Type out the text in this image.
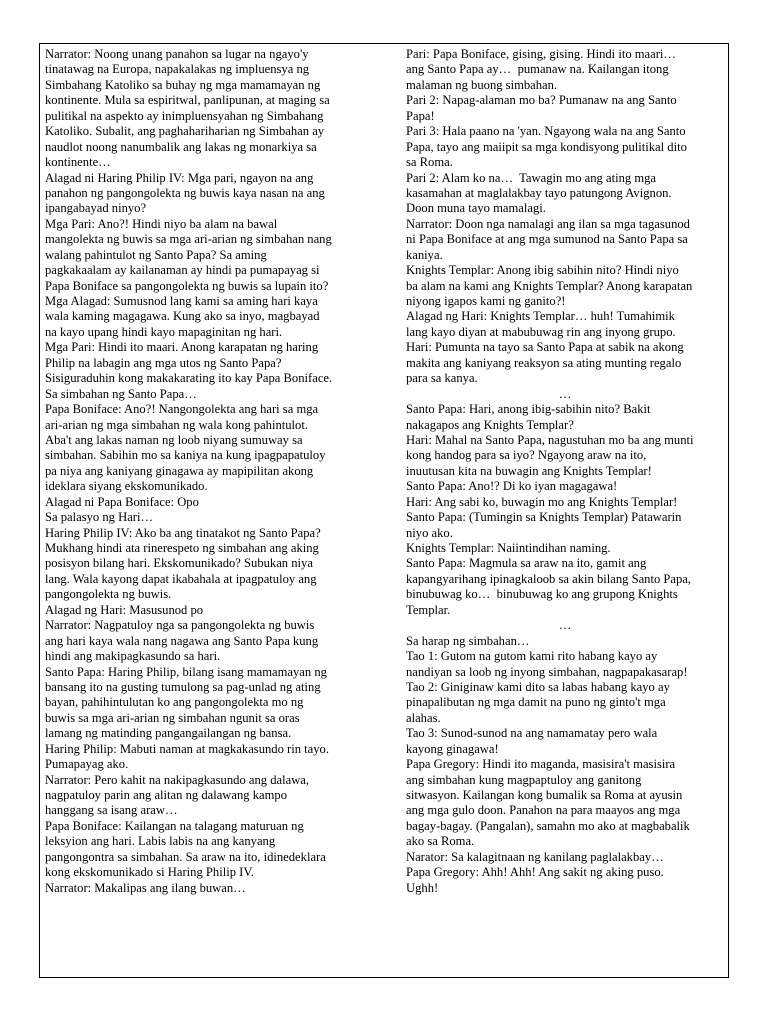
Narrator: Noong unang panahon sa lugar na ngayo'y
tinatawag na Europa, napakalakas ng impluensya ng
Simbahang Katoliko sa buhay ng mga mamamayan ng
kontinente. Mula sa espiritwal, panlipunan, at maging sa
pulitikal na aspekto ay inimpluensyahan ng Simbahang
Katoliko. Subalit, ang paghahariharian ng Simbahan ay
naudlot noong nanumbalik ang lakas ng monarkiya sa
kontinente…
Alagad ni Haring Philip IV: Mga pari, ngayon na ang
panahon ng pangongolekta ng buwis kaya nasan na ang
ipangabayad ninyo?
Mga Pari: Ano?! Hindi niyo ba alam na bawal
mangolekta ng buwis sa mga ari-arian ng simbahan nang
walang pahintulot ng Santo Papa? Sa aming
pagkakaalam ay kailanaman ay hindi pa pumapayag si
Papa Boniface sa pangongolekta ng buwis sa lupain ito?
Mga Alagad: Sumusnod lang kami sa aming hari kaya
wala kaming magagawa. Kung ako sa inyo, magbayad
na kayo upang hindi kayo mapaginitan ng hari.
Mga Pari: Hindi ito maari. Anong karapatan ng haring
Philip na labagin ang mga utos ng Santo Papa?
Sisiguraduhin kong makakarating ito kay Papa Boniface.
Sa simbahan ng Santo Papa…
Papa Boniface: Ano?! Nangongolekta ang hari sa mga
ari-arian ng mga simbahan ng wala kong pahintulot.
Aba't ang lakas naman ng loob niyang sumuway sa
simbahan. Sabihin mo sa kaniya na kung ipagpapatuloy
pa niya ang kaniyang ginagawa ay mapipilitan akong
ideklara siyang ekskomunikado.
Alagad ni Papa Boniface: Opo
Sa palasyo ng Hari…
Haring Philip IV: Ako ba ang tinatakot ng Santo Papa?
Mukhang hindi ata rinerespeto ng simbahan ang aking
posisyon bilang hari. Ekskomunikado? Subukan niya
lang. Wala kayong dapat ikabahala at ipagpatuloy ang
pangongolekta ng buwis.
Alagad ng Hari: Masusunod po
Narrator: Nagpatuloy nga sa pangongolekta ng buwis
ang hari kaya wala nang nagawa ang Santo Papa kung
hindi ang makipagkasundo sa hari.
Santo Papa: Haring Philip, bilang isang mamamayan ng
bansang ito na gusting tumulong sa pag-unlad ng ating
bayan, pahihintulutan ko ang pangongolekta mo ng
buwis sa mga ari-arian ng simbahan ngunit sa oras
lamang ng matinding pangangailangan ng bansa.
Haring Philip: Mabuti naman at magkakasundo rin tayo.
Pumapayag ako.
Narrator: Pero kahit na nakipagkasundo ang dalawa,
nagpatuloy parin ang alitan ng dalawang kampo
hanggang sa isang araw…
Papa Boniface: Kailangan na talagang maturuan ng
leksyion ang hari. Labis labis na ang kanyang
pangongontra sa simbahan. Sa araw na ito, idinedeklara
kong ekskomunikado si Haring Philip IV.
Narrator: Makalipas ang ilang buwan…
Pari: Papa Boniface, gising, gising. Hindi ito maari…
ang Santo Papa ay…  pumanaw na. Kailangan itong
malaman ng buong simbahan.
Pari 2: Napag-alaman mo ba? Pumanaw na ang Santo
Papa!
Pari 3: Hala paano na 'yan. Ngayong wala na ang Santo
Papa, tayo ang maiipit sa mga kondisyong pulitikal dito
sa Roma.
Pari 2: Alam ko na…  Tawagin mo ang ating mga
kasamahan at maglalakbay tayo patungong Avignon.
Doon muna tayo mamalagi.
Narrator: Doon nga namalagi ang ilan sa mga tagasunod
ni Papa Boniface at ang mga sumunod na Santo Papa sa
kaniya.
Knights Templar: Anong ibig sabihin nito? Hindi niyo
ba alam na kami ang Knights Templar? Anong karapatan
niyong igapos kami ng ganito?!
Alagad ng Hari: Knights Templar… huh! Tumahimik
lang kayo diyan at mabubuwag rin ang inyong grupo.
Hari: Pumunta na tayo sa Santo Papa at sabik na akong
makita ang kaniyang reaksyon sa ating munting regalo
para sa kanya.
…
Santo Papa: Hari, anong ibig-sabihin nito? Bakit
nakagapos ang Knights Templar?
Hari: Mahal na Santo Papa, nagustuhan mo ba ang munti
kong handog para sa iyo? Ngayong araw na ito,
inuutusan kita na buwagin ang Knights Templar!
Santo Papa: Ano!? Di ko iyan magagawa!
Hari: Ang sabi ko, buwagin mo ang Knights Templar!
Santo Papa: (Tumingin sa Knights Templar) Patawarin
niyo ako.
Knights Templar: Naiintindihan naming.
Santo Papa: Magmula sa araw na ito, gamit ang
kapangyarihang ipinagkaloob sa akin bilang Santo Papa,
binubuwag ko…  binubuwag ko ang grupong Knights
Templar.
…
Sa harap ng simbahan…
Tao 1: Gutom na gutom kami rito habang kayo ay
nandiyan sa loob ng inyong simbahan, nagpapakasarap!
Tao 2: Giniginaw kami dito sa labas habang kayo ay
pinapalibutan ng mga damit na puno ng ginto't mga
alahas.
Tao 3: Sunod-sunod na ang namamatay pero wala
kayong ginagawa!
Papa Gregory: Hindi ito maganda, masisira't masisira
ang simbahan kung magpaptuloy ang ganitong
sitwasyon. Kailangan kong bumalik sa Roma at ayusin
ang mga gulo doon. Panahon na para maayos ang mga
bagay-bagay. (Pangalan), samahn mo ako at magbabalik
ako sa Roma.
Narator: Sa kalagitnaan ng kanilang paglalakbay…
Papa Gregory: Ahh! Ahh! Ang sakit ng aking puso.
Ughh!
